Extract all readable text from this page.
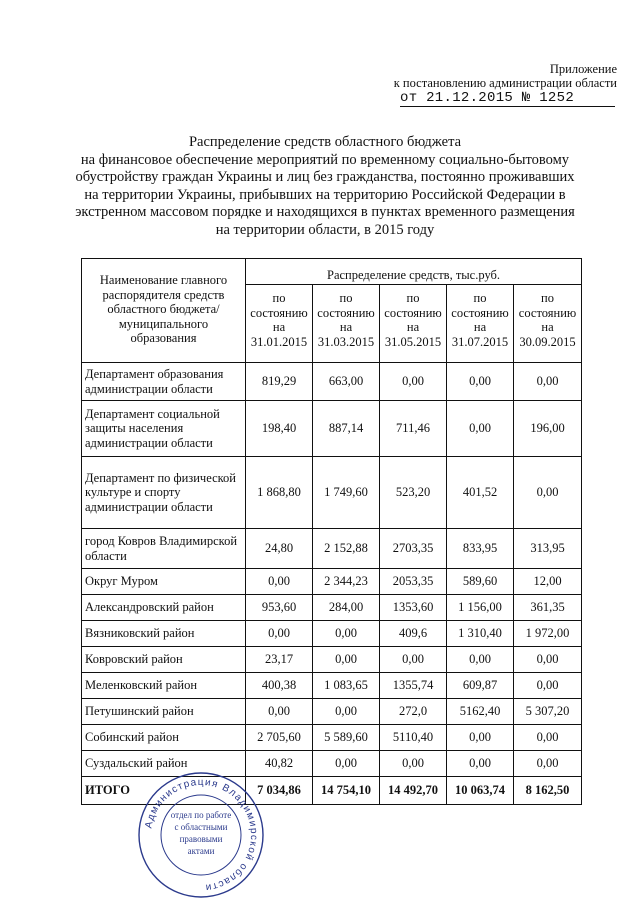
Приложение
к постановлению администрации области
от 21.12.2015 № 1252
Распределение средств областного бюджета
на финансовое обеспечение мероприятий по временному социально-бытовому
обустройству граждан Украины и лиц без гражданства, постоянно проживавших
на территории Украины, прибывших на территорию Российской Федерации в
экстренном массовом порядке и находящихся в пунктах временного размещения
на территории области, в 2015 году
Наименование главного распорядителя средств областного бюджета/ муниципального образования	Распределение средств, тыс.руб.				
	по состоянию на 31.01.2015	по состоянию на 31.03.2015	по состоянию на 31.05.2015	по состоянию на 31.07.2015	по состоянию на 30.09.2015
Департамент образования администрации области	819,29	663,00	0,00	0,00	0,00
Департамент социальной защиты населения администрации области	198,40	887,14	711,46	0,00	196,00
Департамент по физической культуре и спорту администрации области	1 868,80	1 749,60	523,20	401,52	0,00
город Ковров Владимирской области	24,80	2 152,88	2703,35	833,95	313,95
Округ Муром	0,00	2 344,23	2053,35	589,60	12,00
Александровский район	953,60	284,00	1353,60	1 156,00	361,35
Вязниковский район	0,00	0,00	409,6	1 310,40	1 972,00
Ковровский район	23,17	0,00	0,00	0,00	0,00
Меленковский район	400,38	1 083,65	1355,74	609,87	0,00
Петушинский район	0,00	0,00	272,0	5162,40	5 307,20
Собинский район	2 705,60	5 589,60	5110,40	0,00	0,00
Суздальский район	40,82	0,00	0,00	0,00	0,00
ИТОГО	7 034,86	14 754,10	14 492,70	10 063,74	8 162,50
Администрация Владимирской области
отдел по работе
с областными
правовыми
актами
